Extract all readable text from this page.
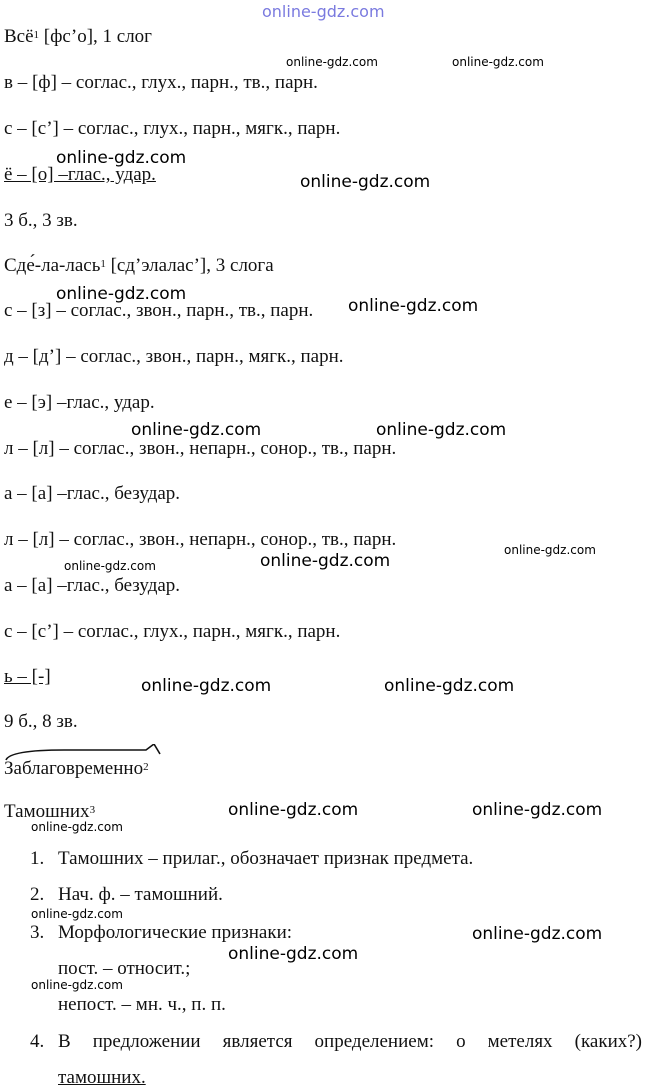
Всё$^1$ [фс’о], 1 слог
в – [ф] – соглас., глух., парн., тв., парн.
с – [с’] – соглас., глух., парн., мягк., парн.
ё – [о] –глас., удар.
3 б., 3 зв.
Сде́-ла-лась$^1$ [сд’элалас’], 3 слога
с – [з] – соглас., звон., парн., тв., парн.
д – [д’] – соглас., звон., парн., мягк., парн.
е – [э] –глас., удар.
л – [л] – соглас., звон., непарн., сонор., тв., парн.
а – [а] –глас., безудар.
л – [л] – соглас., звон., непарн., сонор., тв., парн.
а – [а] –глас., безудар.
с – [с’] – соглас., глух., парн., мягк., парн.
ь – [-]
9 б., 8 зв.
Заблаговременно$^2$
Тамошних$^3$
1. Тамошних – прилаг., обозначает признак предмета.
2. Нач. ф. – тамошний.
3. Морфологические признаки:
пост. – относит.;
непост. – мн. ч., п. п.
4. В предложении является определением: о метелях (каких?)
тамошних.
online-gdz.com
online-gdz.com	online-gdz.com
online-gdz.com
online-gdz.com
online-gdz.com
online-gdz.com
online-gdz.com	online-gdz.com
online-gdz.com
online-gdz.com
online-gdz.com
online-gdz.com	online-gdz.com
online-gdz.com	online-gdz.com
online-gdz.com
online-gdz.com
online-gdz.com
online-gdz.com
online-gdz.com
